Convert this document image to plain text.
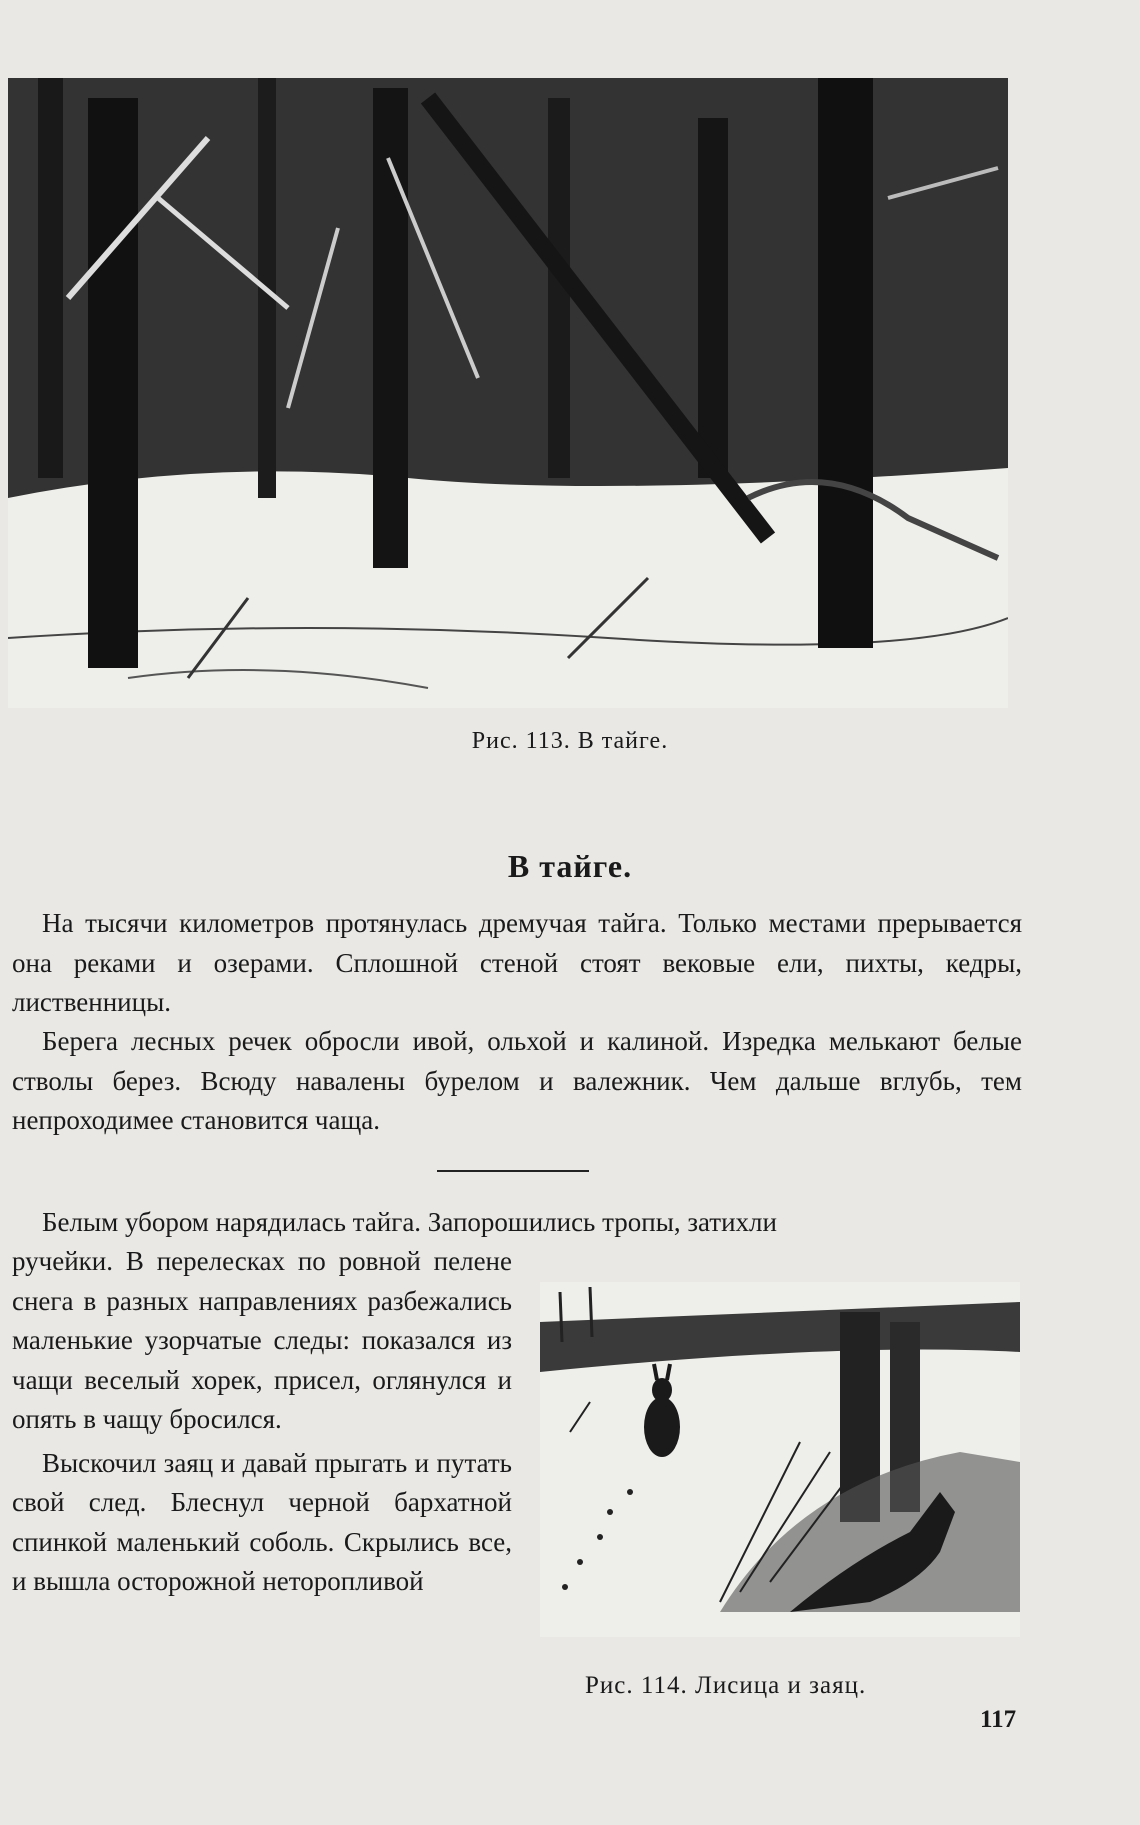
Рис. 113. В тайге.
В тайге.

На тысячи километров протянулась дремучая тайга. Только местами прерывается она реками и озерами. Сплошной стеной стоят вековые ели, пихты, кедры, лиственницы.

Берега лесных речек обросли ивой, ольхой и калиной. Изредка мелькают белые стволы берез. Всюду навалены бурелом и валежник. Чем дальше вглубь, тем непроходимее становится чаща.

Белым убором нарядилась тайга. Запорошились тропы, затихли

ручейки. В перелесках по ровной пелене снега в разных направлениях разбежались маленькие узорчатые следы: показался из чащи веселый хорек, присел, оглянулся и опять в чащу бросился.

Выскочил заяц и давай прыгать и путать свой след. Блеснул черной бархатной спинкой маленький соболь. Скрылись все, и вышла осторожной неторопливой

Рис. 114. Лисица и заяц.
117
